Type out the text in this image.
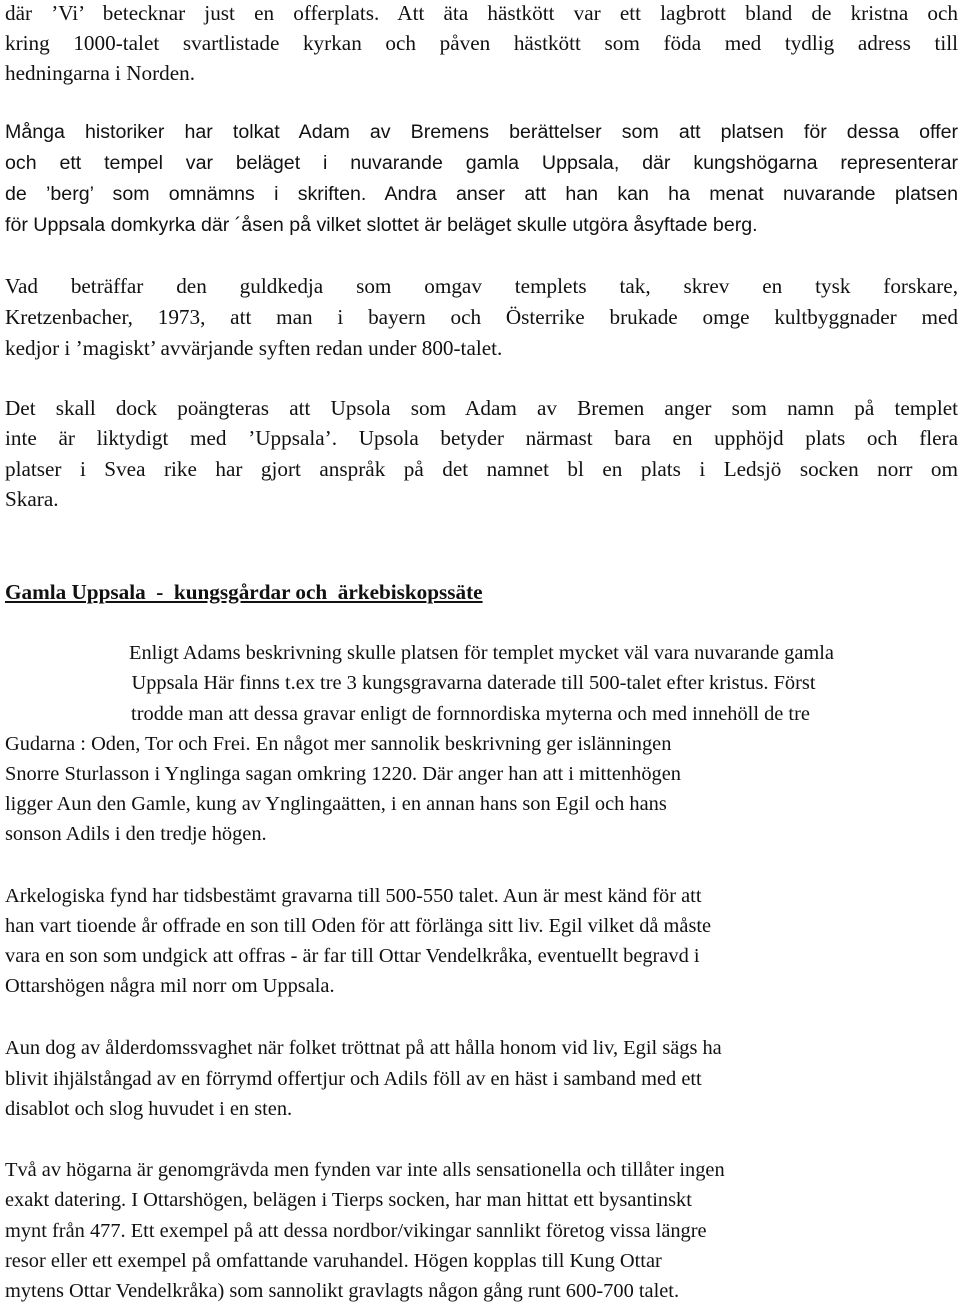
där ’Vi’ betecknar just en offerplats. Att äta hästkött var ett lagbrott bland de kristna och
kring 1000-talet svartlistade kyrkan och påven hästkött som föda med tydlig adress till
hedningarna i Norden.
Många historiker har tolkat Adam av Bremens berättelser som att platsen för dessa offer
och ett tempel var beläget i nuvarande gamla Uppsala, där kungshögarna representerar
de ’berg’ som omnämns i skriften. Andra anser att han kan ha menat nuvarande platsen
för Uppsala domkyrka där ´åsen på vilket slottet är beläget skulle utgöra åsyftade berg.
Vad beträffar den guldkedja som omgav templets tak, skrev en tysk forskare,
Kretzenbacher, 1973, att man i bayern och Österrike brukade omge kultbyggnader med
kedjor i ’magiskt’ avvärjande syften redan under 800-talet.
Det skall dock poängteras att Upsola som Adam av Bremen anger som namn på templet
inte är liktydigt med ’Uppsala’. Upsola betyder närmast bara en upphöjd plats och flera
platser i Svea rike har gjort anspråk på det namnet bl en plats i Ledsjö socken norr om
Skara.
Gamla Uppsala  -  kungsgårdar och  ärkebiskopssäte
Enligt Adams beskrivning skulle platsen för templet mycket väl vara nuvarande gamla
Uppsala Här finns t.ex tre 3 kungsgravarna daterade till 500-talet efter kristus. Först
trodde man att dessa gravar enligt de fornnordiska myterna och med innehöll de tre
Gudarna : Oden, Tor och Frei. En något mer sannolik beskrivning ger islänningen
Snorre Sturlasson i Ynglinga sagan omkring 1220. Där anger han att i mittenhögen
ligger Aun den Gamle, kung av Ynglingaätten, i en annan hans son Egil och hans
sonson Adils i den tredje högen.
Arkelogiska fynd har tidsbestämt gravarna till 500-550 talet. Aun är mest känd för att
han vart tioende år offrade en son till Oden för att förlänga sitt liv. Egil vilket då måste
vara en son som undgick att offras - är far till Ottar Vendelkråka, eventuellt begravd i
Ottarshögen några mil norr om Uppsala.
Aun dog av ålderdomssvaghet när folket tröttnat på att hålla honom vid liv, Egil sägs ha
blivit ihjälstångad av en förrymd offertjur och Adils föll av en häst i samband med ett
disablot och slog huvudet i en sten.
Två av högarna är genomgrävda men fynden var inte alls sensationella och tillåter ingen
exakt datering. I Ottarshögen, belägen i Tierps socken, har man hittat ett bysantinskt
mynt från 477. Ett exempel på att dessa nordbor/vikingar sannlikt företog vissa längre
resor eller ett exempel på omfattande varuhandel. Högen kopplas till Kung Ottar
mytens Ottar Vendelkråka) som sannolikt gravlagts någon gång runt 600-700 talet.
